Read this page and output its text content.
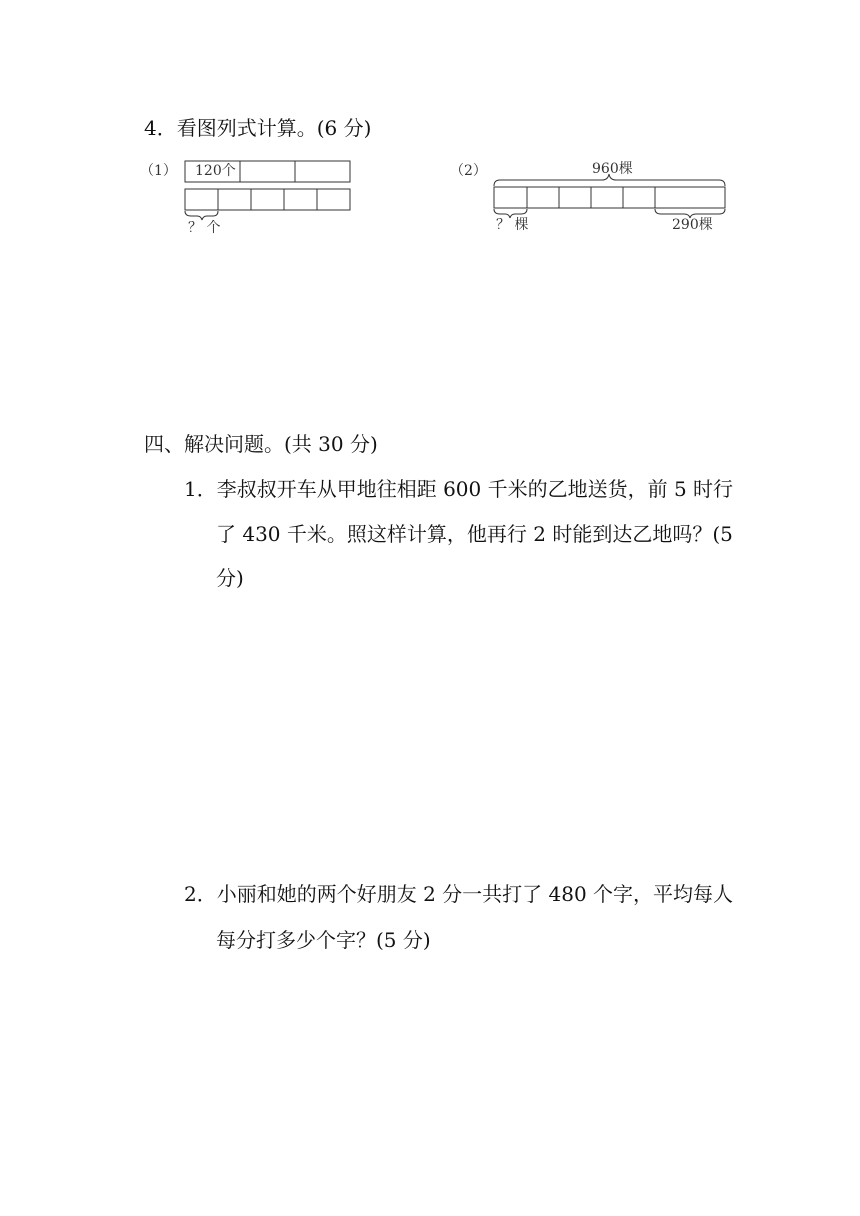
4．看图列式计算。(6 分)
（1） 120个
？ 个
（2）	960棵
？ 棵	290棵
四、解决问题。(共 30 分)
1．李叔叔开车从甲地往相距 600 千米的乙地送货，前 5 时行
了 430 千米。照这样计算，他再行 2 时能到达乙地吗？(5
分)
2．小丽和她的两个好朋友 2 分一共打了 480 个字，平均每人
每分打多少个字？(5 分)
